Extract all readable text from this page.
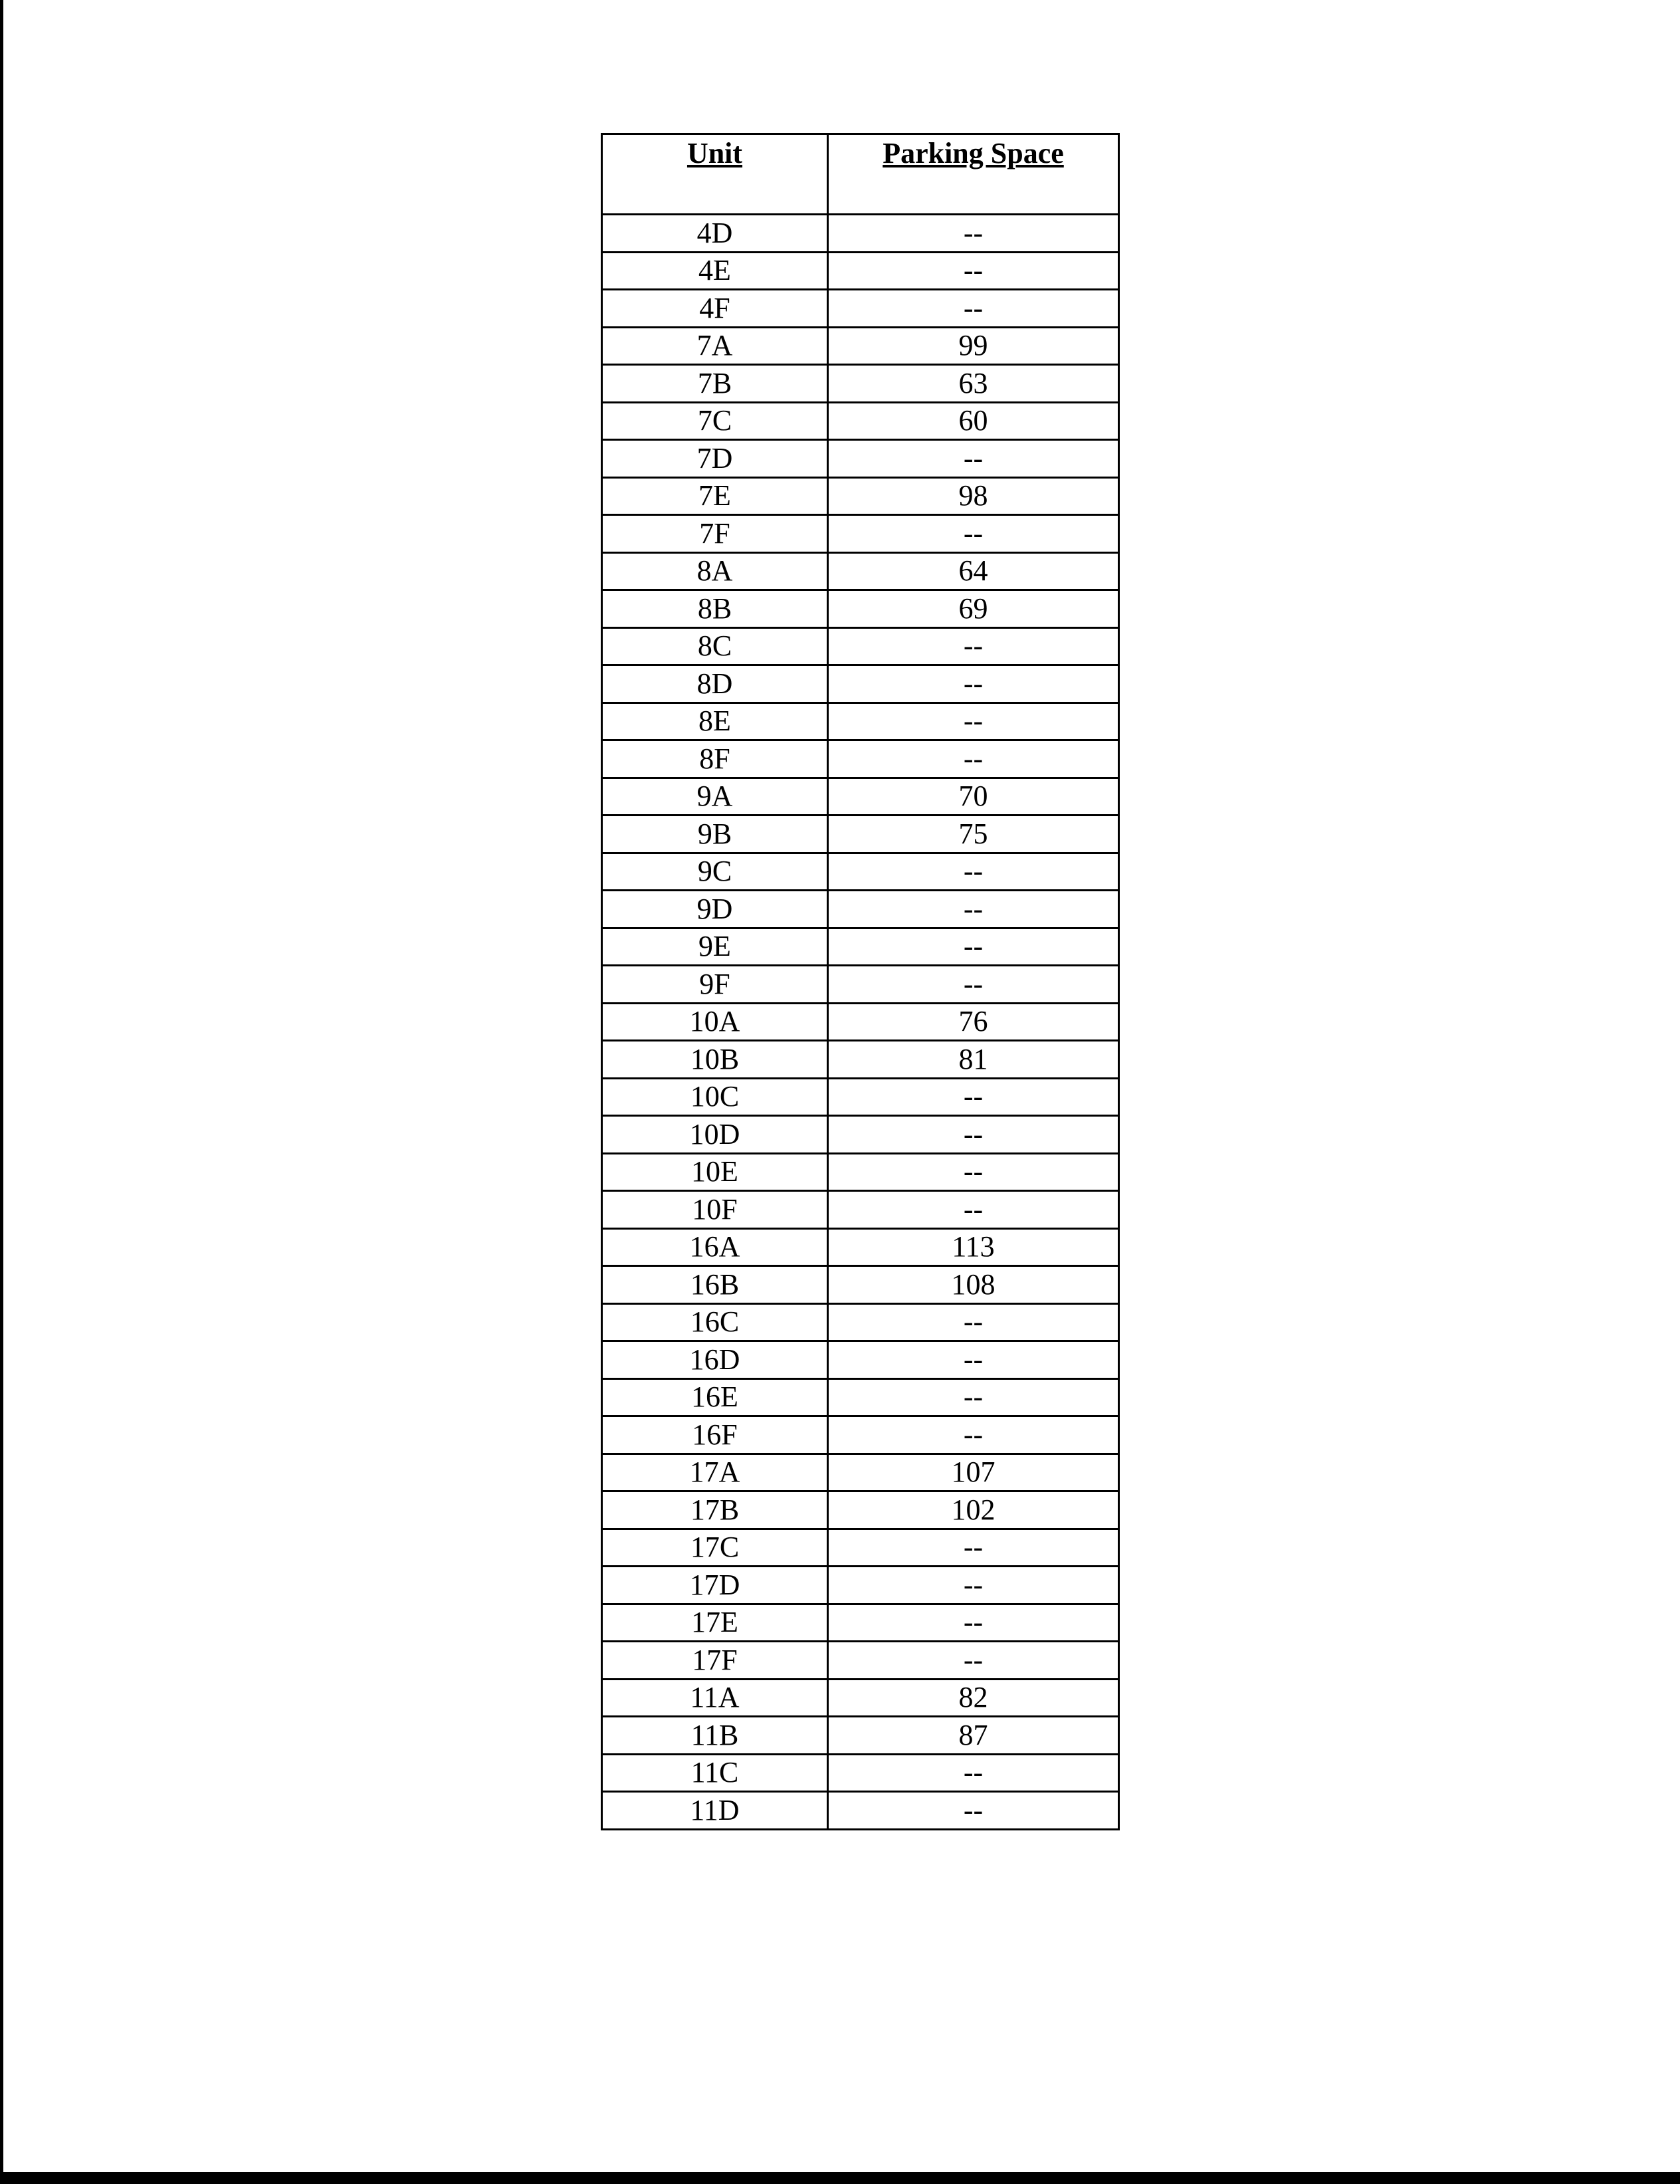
Unit	Parking Space
4D	--
4E	--
4F	--
7A	99
7B	63
7C	60
7D	--
7E	98
7F	--
8A	64
8B	69
8C	--
8D	--
8E	--
8F	--
9A	70
9B	75
9C	--
9D	--
9E	--
9F	--
10A	76
10B	81
10C	--
10D	--
10E	--
10F	--
16A	113
16B	108
16C	--
16D	--
16E	--
16F	--
17A	107
17B	102
17C	--
17D	--
17E	--
17F	--
11A	82
11B	87
11C	--
11D	--
